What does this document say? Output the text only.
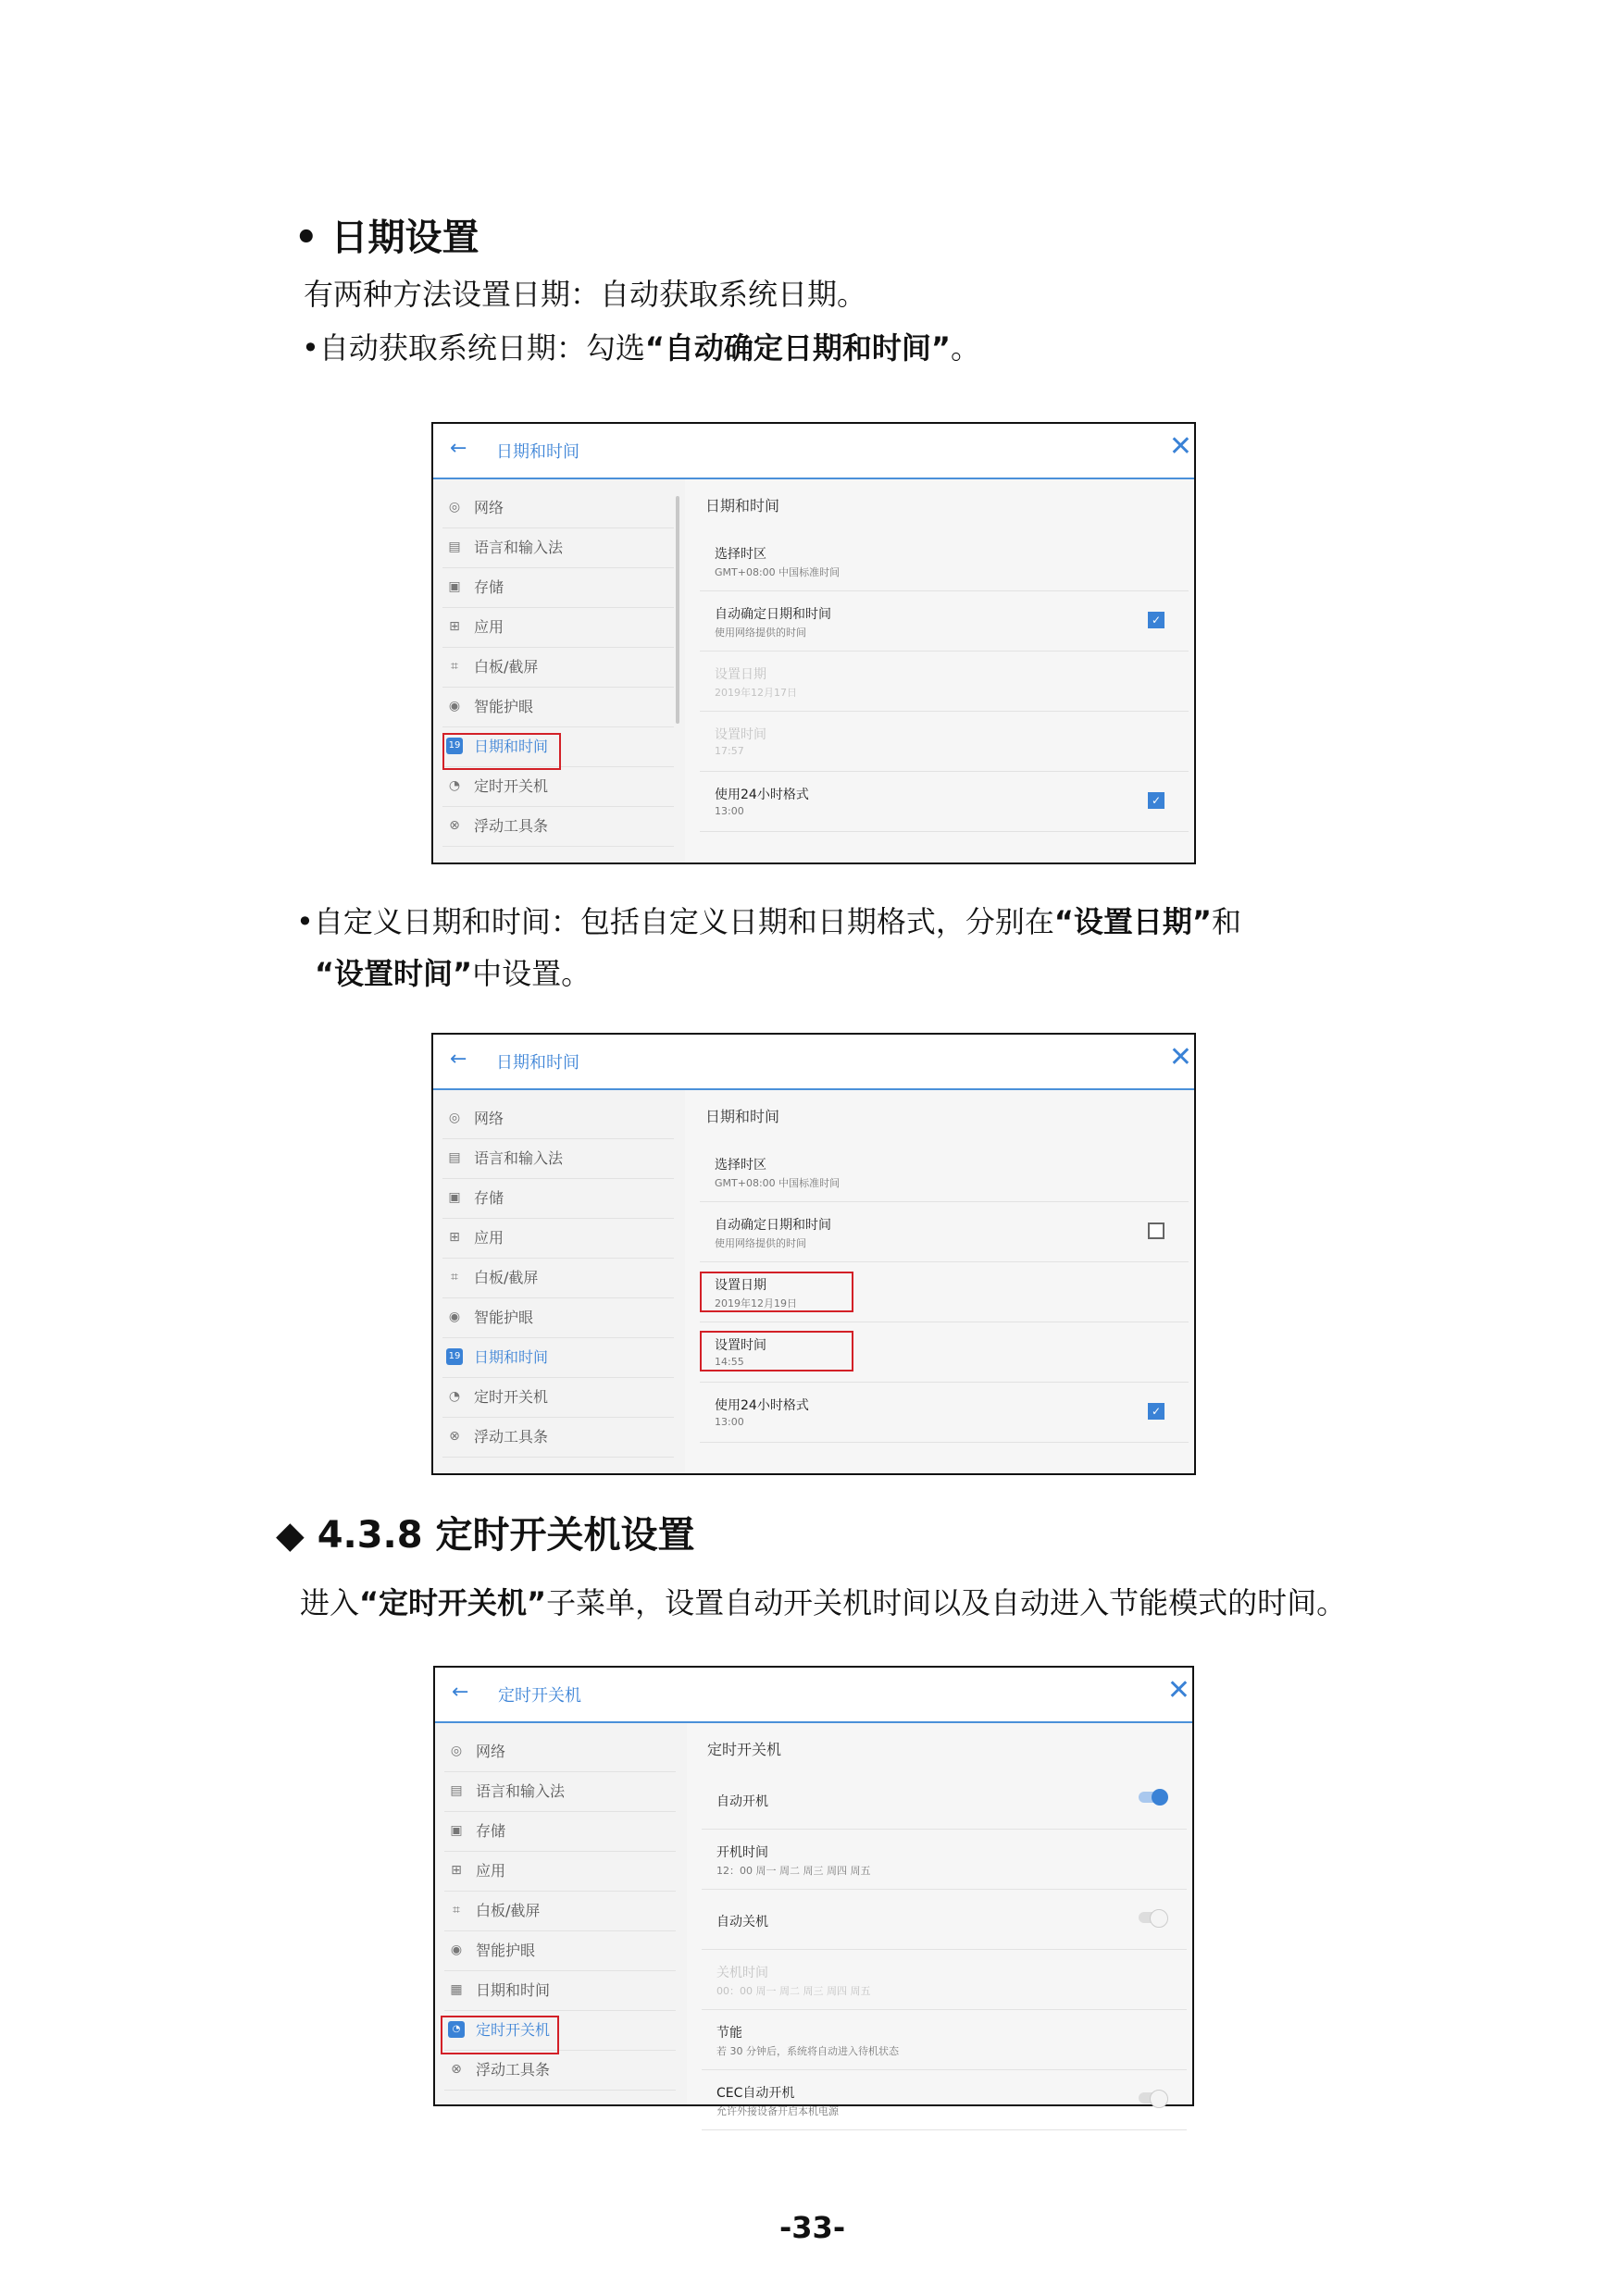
• 日期设置
有两种方法设置日期：自动获取系统日期。
•自动获取系统日期：勾选“自动确定日期和时间”。
← 日期和时间	✕
◎ 网络
▤ 语言和输入法
▣ 存储
⊞ 应用
⌗	白板/截屏
◉ 智能护眼
19 日期和时间
◔ 定时开关机
⊗ 浮动工具条
日期和时间
选择时区
GMT+08:00 中国标准时间
自动确定日期和时间
使用网络提供的时间
✓
设置日期
2019年12月17日
设置时间
17:57
使用24小时格式
13:00
✓
•自定义日期和时间：包括自定义日期和日期格式，分别在“设置日期”和
“设置时间”中设置。
← 日期和时间	✕
◎ 网络
▤ 语言和输入法
▣ 存储
⊞ 应用
⌗	白板/截屏
◉ 智能护眼
19 日期和时间
◔ 定时开关机
⊗ 浮动工具条
日期和时间
选择时区
GMT+08:00 中国标准时间
自动确定日期和时间
使用网络提供的时间
设置日期
2019年12月19日
设置时间
14:55
使用24小时格式
13:00
✓
◆ 4.3.8 定时开关机设置
进入“定时开关机”子菜单，设置自动开关机时间以及自动进入节能模式的时间。
← 定时开关机	✕
◎ 网络
▤ 语言和输入法
▣ 存储
⊞ 应用
⌗	白板/截屏
◉ 智能护眼
▦ 日期和时间
◔ 定时开关机
⊗ 浮动工具条
定时开关机
自动开机
开机时间
12：00 周一 周二 周三 周四 周五
自动关机
关机时间
00：00 周一 周二 周三 周四 周五
节能
若 30 分钟后，系统将自动进入待机状态
CEC自动开机
允许外接设备开启本机电源
-33-
